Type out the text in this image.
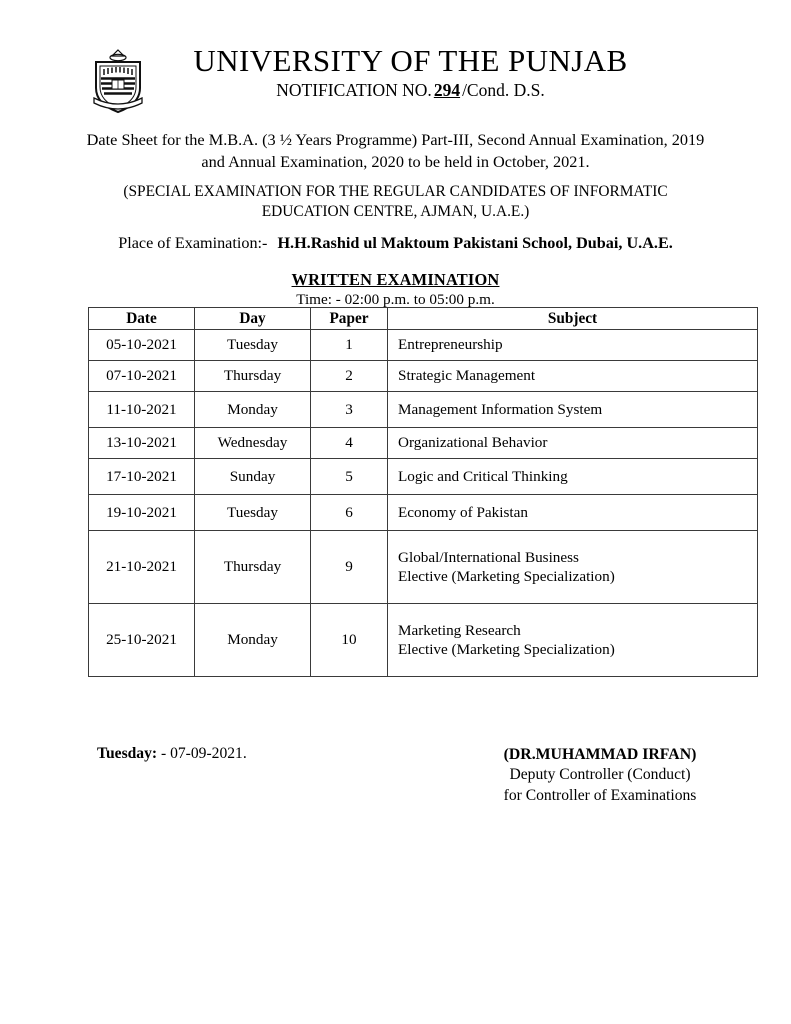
UNIVERSITY OF THE PUNJAB
NOTIFICATION NO. 294 /Cond. D.S.
Date Sheet for the M.B.A. (3 ½ Years Programme) Part-III, Second Annual Examination, 2019
and Annual Examination, 2020 to be held in October, 2021.
(SPECIAL EXAMINATION FOR THE REGULAR CANDIDATES OF INFORMATIC
EDUCATION CENTRE, AJMAN, U.A.E.)
Place of Examination:- H.H.Rashid ul Maktoum Pakistani School, Dubai, U.A.E.
WRITTEN EXAMINATION
Time: - 02:00 p.m. to 05:00 p.m.
Date	Day	Paper	Subject
05-10-2021	Tuesday	1	Entrepreneurship

07-10-2021	Thursday	2	Strategic Management

11-10-2021	Monday	3	Management Information System

13-10-2021	Wednesday	4	Organizational Behavior

17-10-2021	Sunday	5	Logic and Critical Thinking

19-10-2021	Tuesday	6	Economy of Pakistan

21-10-2021	Thursday	9	Global/International Business
Elective (Marketing Specialization)

25-10-2021	Monday	10	Marketing Research
Elective (Marketing Specialization)
Tuesday: - 07-09-2021.	(DR.MUHAMMAD IRFAN)
Deputy Controller (Conduct)
for Controller of Examinations
